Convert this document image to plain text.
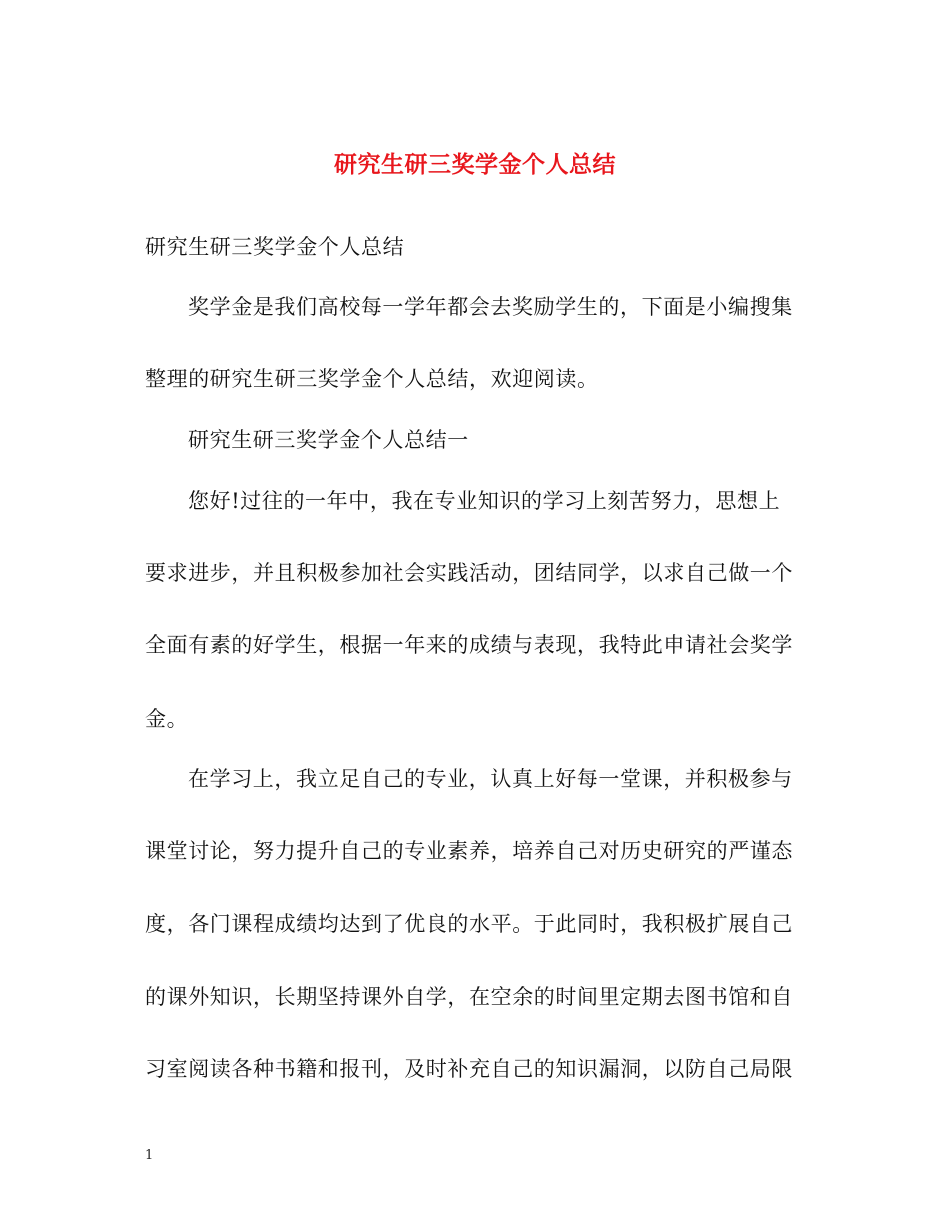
研究生研三奖学金个人总结
研究生研三奖学金个人总结
奖学金是我们高校每一学年都会去奖励学生的，下面是小编搜集
整理的研究生研三奖学金个人总结，欢迎阅读。
研究生研三奖学金个人总结一
您好!过往的一年中，我在专业知识的学习上刻苦努力，思想上
要求进步，并且积极参加社会实践活动，团结同学，以求自己做一个
全面有素的好学生，根据一年来的成绩与表现，我特此申请社会奖学
金。
在学习上，我立足自己的专业，认真上好每一堂课，并积极参与
课堂讨论，努力提升自己的专业素养，培养自己对历史研究的严谨态
度，各门课程成绩均达到了优良的水平。于此同时，我积极扩展自己
的课外知识，长期坚持课外自学，在空余的时间里定期去图书馆和自
习室阅读各种书籍和报刊，及时补充自己的知识漏洞，以防自己局限
1
